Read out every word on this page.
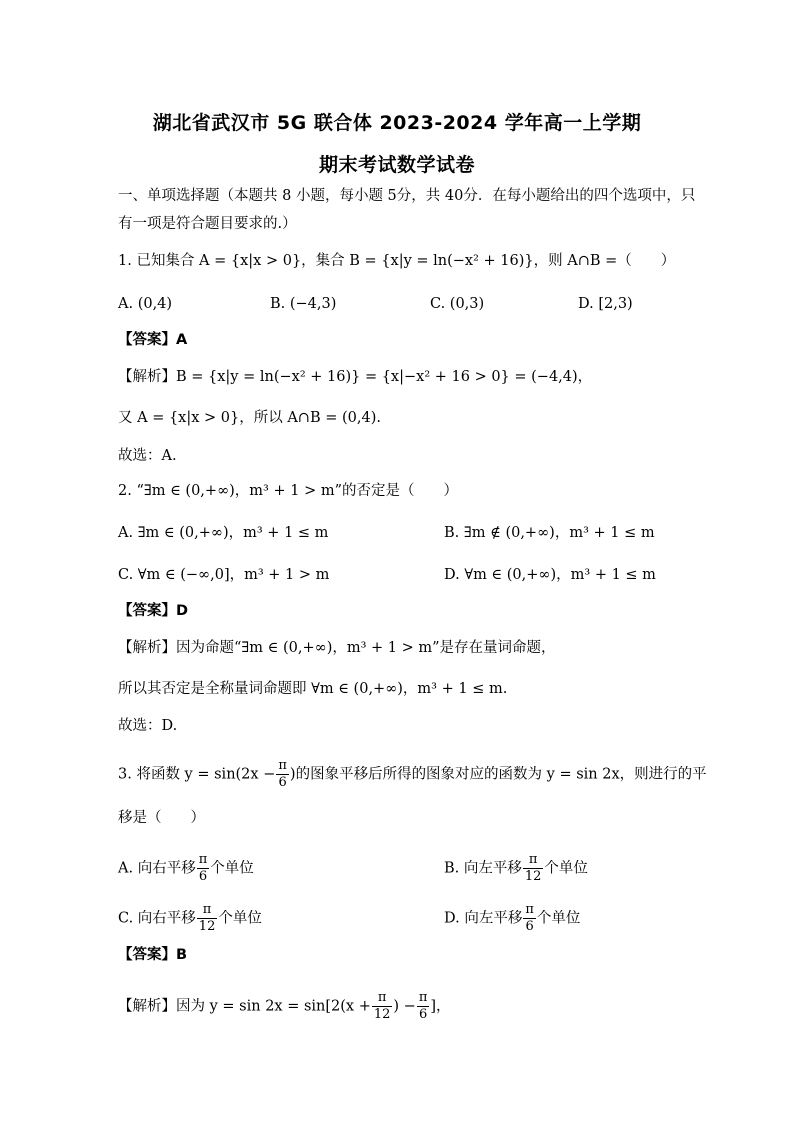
湖北省武汉市 5G 联合体 2023-2024 学年高一上学期
期末考试数学试卷
一、单项选择题（本题共 8 小题，每小题 5分，共 40分．在每小题给出的四个选项中，只
有一项是符合题目要求的.）
1. 已知集合 A = {x|x > 0}，集合 B = {x|y = ln(−x² + 16)}，则 A∩B =（　　）
A. (0,4)	B. (−4,3)	C. (0,3)	D. [2,3)
【答案】A
【解析】B = {x|y = ln(−x² + 16)} = {x|−x² + 16 > 0} = (−4,4)，
又 A = {x|x > 0}，所以 A∩B = (0,4).
故选：A.
2. “∃m ∈ (0,+∞)，m³ + 1 > m”的否定是（　　）
A. ∃m ∈ (0,+∞)，m³ + 1 ≤ m	B. ∃m ∉ (0,+∞)，m³ + 1 ≤ m
C. ∀m ∈ (−∞,0]，m³ + 1 > m	D. ∀m ∈ (0,+∞)，m³ + 1 ≤ m
【答案】D
【解析】因为命题“∃m ∈ (0,+∞)，m³ + 1 > m”是存在量词命题，
所以其否定是全称量词命题即 ∀m ∈ (0,+∞)，m³ + 1 ≤ m.
故选：D.
3. 将函数 $y = \sin(2x - \frac{\pi}{6}$ )的图象平移后所得的图象对应的函数为 y = sin 2x，则进行的平
移是（　　）
A. 向右平移 $\frac{\pi}{6}$ 个单位	B. 向左平移 $\frac{\pi}{12}$ 个单位
C. 向右平移 $\frac{\pi}{12}$ 个单位	D. 向左平移 $\frac{\pi}{6}$ 个单位
【答案】B
【解析】因为 $y = \sin 2x = \sin[2(x + \frac{\pi}{12}$ ) − $\frac{\pi}{6}$ ]，
